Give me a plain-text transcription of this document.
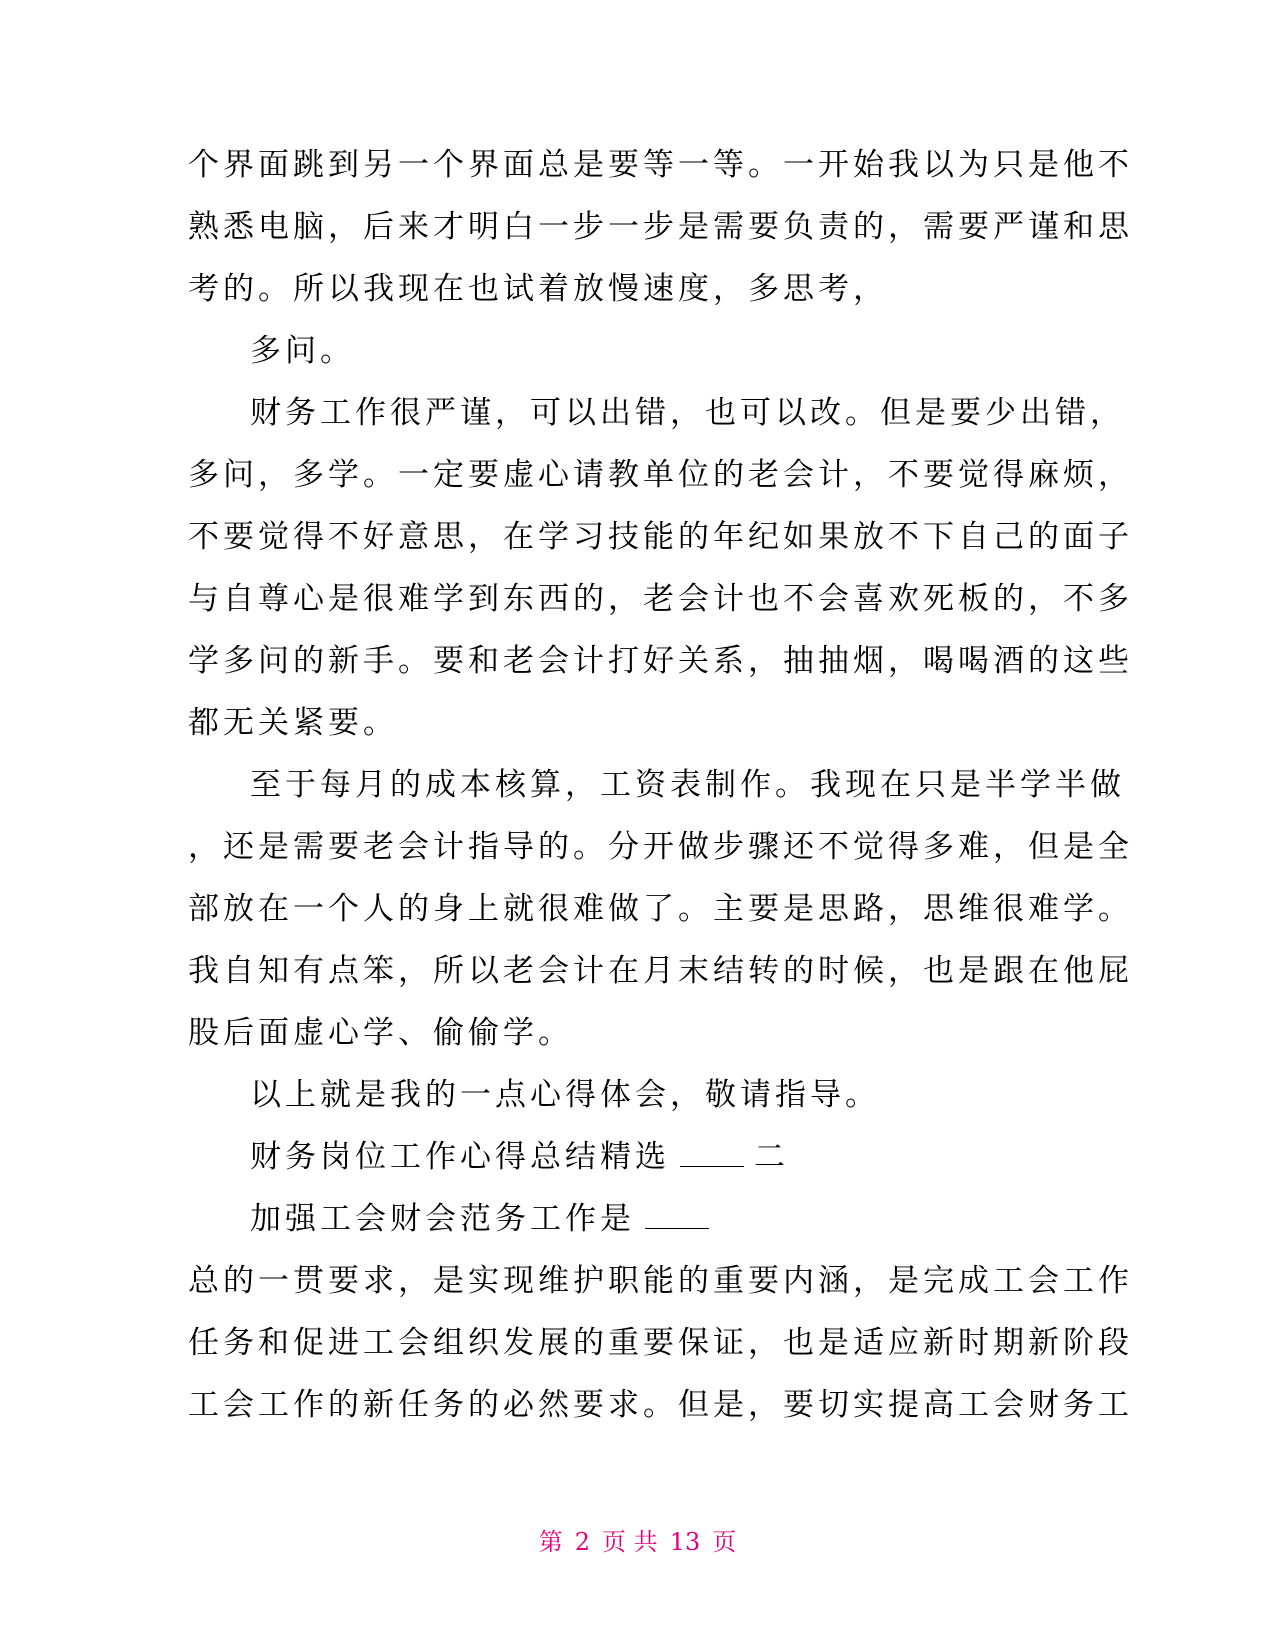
个界面跳到另一个界面总是要等一等。一开始我以为只是他不
熟悉电脑，后来才明白一步一步是需要负责的，需要严谨和思
考的。所以我现在也试着放慢速度，多思考，
多问。
财务工作很严谨，可以出错，也可以改。但是要少出错，
多问，多学。一定要虚心请教单位的老会计，不要觉得麻烦，
不要觉得不好意思，在学习技能的年纪如果放不下自己的面子
与自尊心是很难学到东西的，老会计也不会喜欢死板的，不多
学多问的新手。要和老会计打好关系，抽抽烟，喝喝酒的这些
都无关紧要。
至于每月的成本核算，工资表制作。我现在只是半学半做
，还是需要老会计指导的。分开做步骤还不觉得多难，但是全
部放在一个人的身上就很难做了。主要是思路，思维很难学。
我自知有点笨，所以老会计在月末结转的时候，也是跟在他屁
股后面虚心学、偷偷学。
以上就是我的一点心得体会，敬请指导。
财务岗位工作心得总结精选	二
加强工会财会范务工作是
总的一贯要求，是实现维护职能的重要内涵，是完成工会工作
任务和促进工会组织发展的重要保证，也是适应新时期新阶段
工会工作的新任务的必然要求。但是，要切实提高工会财务工
第 2 页 共 13 页
